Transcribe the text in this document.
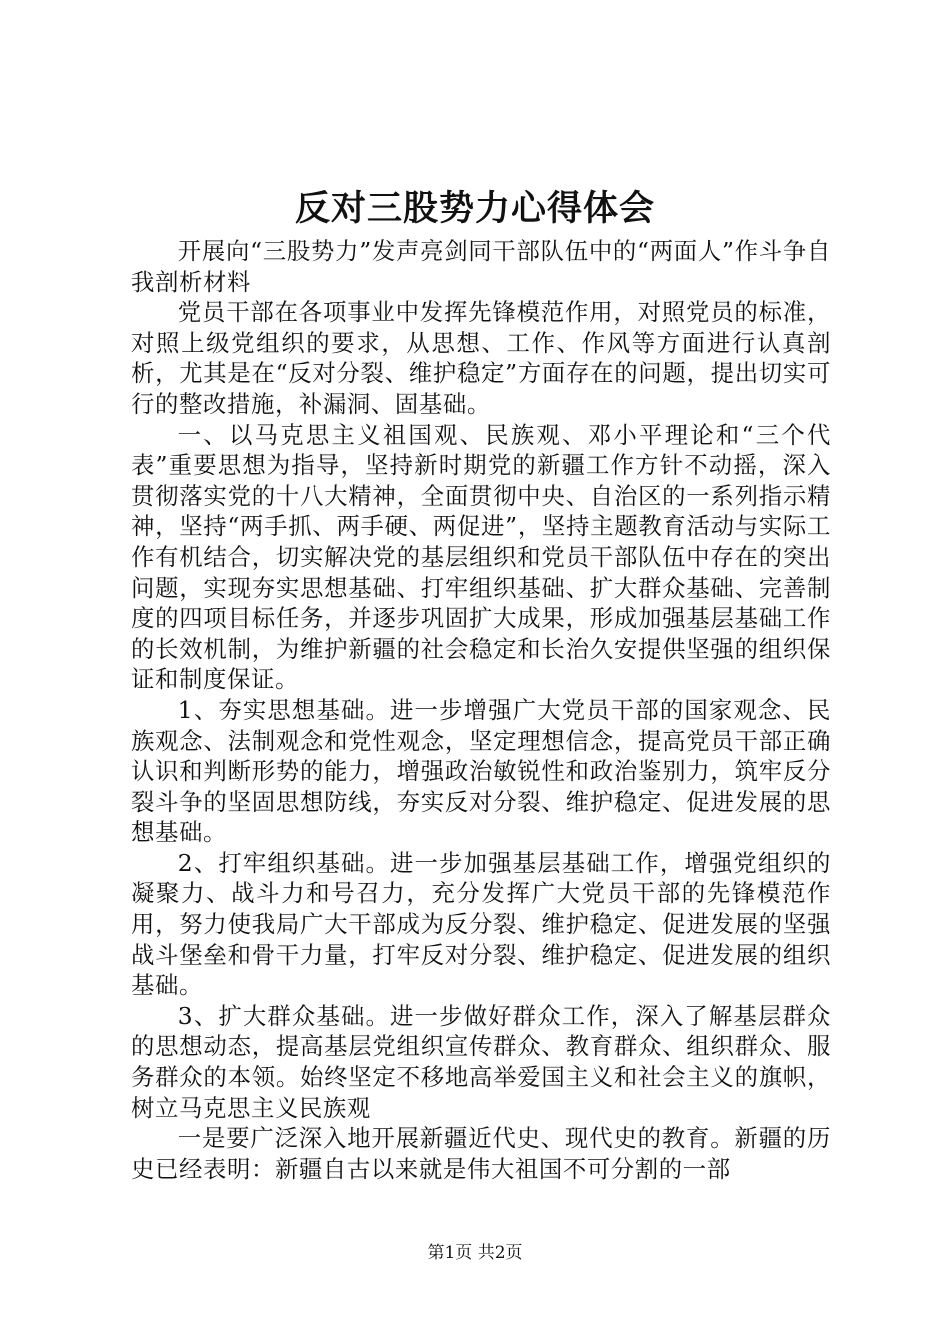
反对三股势力心得体会

开展向“三股势力”发声亮剑同干部队伍中的“两面人”作斗争自我剖析材料

党员干部在各项事业中发挥先锋模范作用，对照党员的标准，对照上级党组织的要求，从思想、工作、作风等方面进行认真剖析，尤其是在“反对分裂、维护稳定”方面存在的问题，提出切实可行的整改措施，补漏洞、固基础。

一、以马克思主义祖国观、民族观、邓小平理论和“三个代表”重要思想为指导，坚持新时期党的新疆工作方针不动摇，深入贯彻落实党的十八大精神，全面贯彻中央、自治区的一系列指示精神，坚持“两手抓、两手硬、两促进”，坚持主题教育活动与实际工作有机结合，切实解决党的基层组织和党员干部队伍中存在的突出问题，实现夯实思想基础、打牢组织基础、扩大群众基础、完善制度的四项目标任务，并逐步巩固扩大成果，形成加强基层基础工作的长效机制，为维护新疆的社会稳定和长治久安提供坚强的组织保证和制度保证。

1、夯实思想基础。进一步增强广大党员干部的国家观念、民族观念、法制观念和党性观念，坚定理想信念，提高党员干部正确认识和判断形势的能力，增强政治敏锐性和政治鉴别力，筑牢反分裂斗争的坚固思想防线，夯实反对分裂、维护稳定、促进发展的思想基础。

2、打牢组织基础。进一步加强基层基础工作，增强党组织的凝聚力、战斗力和号召力，充分发挥广大党员干部的先锋模范作用，努力使我局广大干部成为反分裂、维护稳定、促进发展的坚强战斗堡垒和骨干力量，打牢反对分裂、维护稳定、促进发展的组织基础。

3、扩大群众基础。进一步做好群众工作，深入了解基层群众的思想动态，提高基层党组织宣传群众、教育群众、组织群众、服务群众的本领。始终坚定不移地高举爱国主义和社会主义的旗帜，树立马克思主义民族观

一是要广泛深入地开展新疆近代史、现代史的教育。新疆的历史已经表明：新疆自古以来就是伟大祖国不可分割的一部

第1页 共2页
